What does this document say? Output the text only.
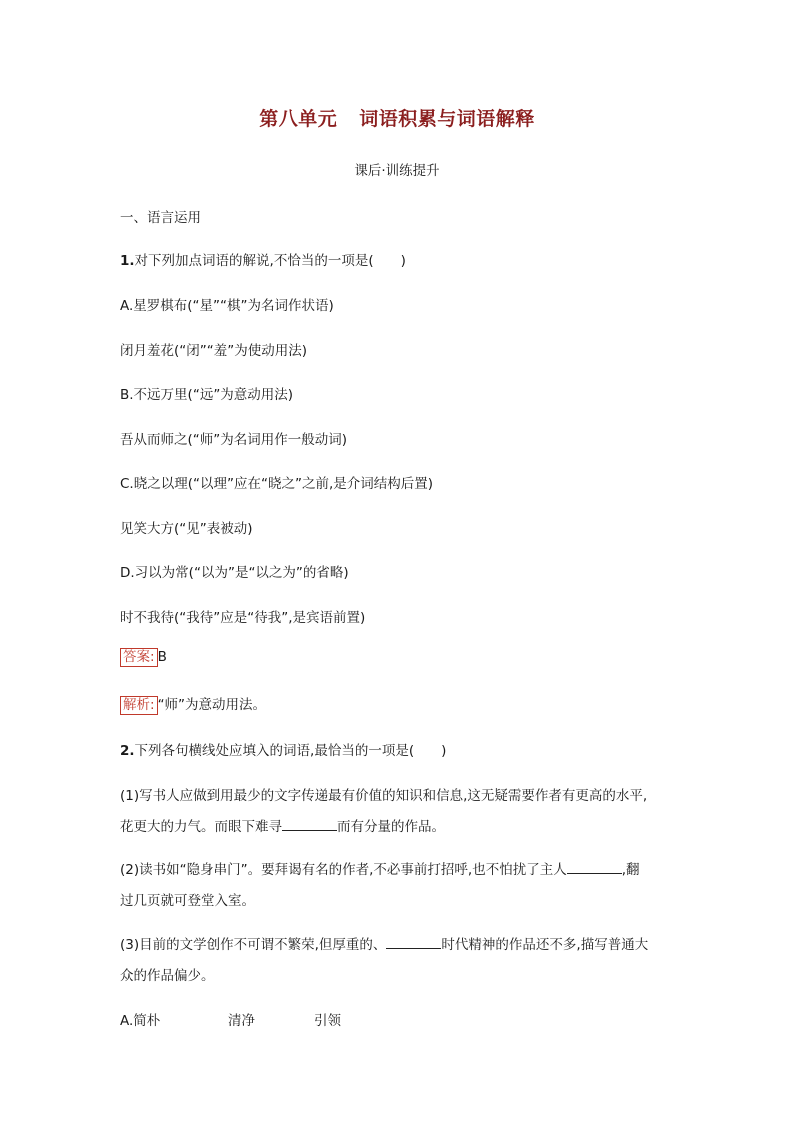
第八单元 词语积累与词语解释
课后·训练提升
一、语言运用
1.对下列加点词语的解说,不恰当的一项是(　　)
A.星罗棋布(“星”“棋”为名词作状语)
闭月羞花(“闭”“羞”为使动用法)
B.不远万里(“远”为意动用法)
吾从而师之(“师”为名词用作一般动词)
C.晓之以理(“以理”应在“晓之”之前,是介词结构后置)
见笑大方(“见”表被动)
D.习以为常(“以为”是“以之为”的省略)
时不我待(“我待”应是“待我”,是宾语前置)
答案: B
解析: “师”为意动用法。
2.下列各句横线处应填入的词语,最恰当的一项是(　　)
(1)写书人应做到用最少的文字传递最有价值的知识和信息,这无疑需要作者有更高的水平,
花更大的力气。而眼下难寻	而有分量的作品。
(2)读书如“隐身串门”。要拜谒有名的作者,不必事前打招呼,也不怕扰了主人	,翻
过几页就可登堂入室。
(3)目前的文学创作不可谓不繁荣,但厚重的、	时代精神的作品还不多,描写普通大
众的作品偏少。
A.简朴	清净	引领
